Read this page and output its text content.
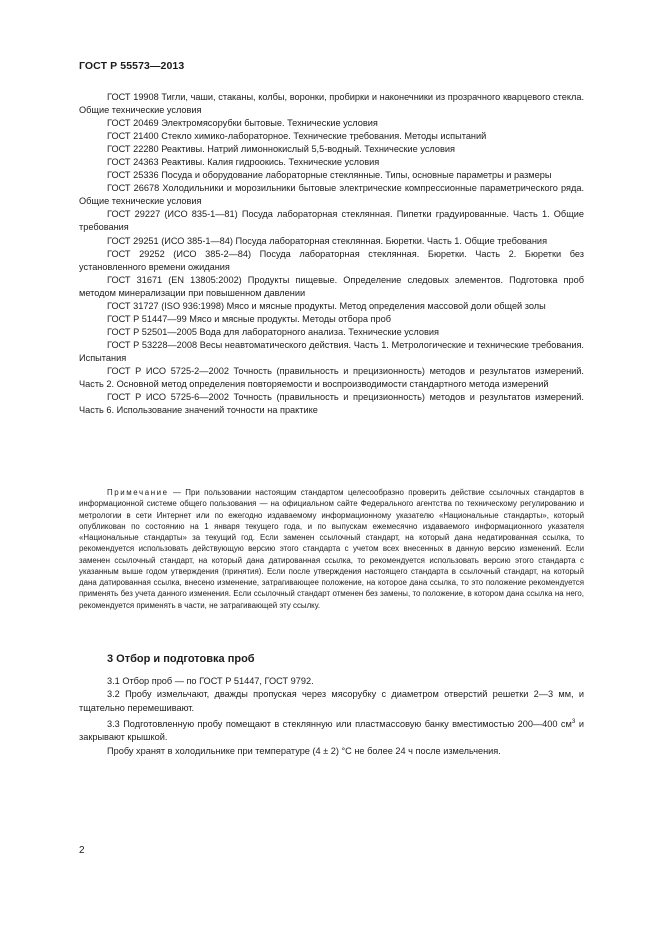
ГОСТ Р 55573—2013

ГОСТ 19908 Тигли, чаши, стаканы, колбы, воронки, пробирки и наконечники из прозрачного кварцевого стекла. Общие технические условия

ГОСТ 20469 Электромясорубки бытовые. Технические условия

ГОСТ 21400 Стекло химико-лабораторное. Технические требования. Методы испытаний

ГОСТ 22280 Реактивы. Натрий лимоннокислый 5,5-водный. Технические условия

ГОСТ 24363 Реактивы. Калия гидроокись. Технические условия

ГОСТ 25336 Посуда и оборудование лабораторные стеклянные. Типы, основные параметры и размеры

ГОСТ 26678 Холодильники и морозильники бытовые электрические компрессионные параметрического ряда. Общие технические условия

ГОСТ 29227 (ИСО 835-1—81) Посуда лабораторная стеклянная. Пипетки градуированные. Часть 1. Общие требования

ГОСТ 29251 (ИСО 385-1—84) Посуда лабораторная стеклянная. Бюретки. Часть 1. Общие требования

ГОСТ 29252 (ИСО 385-2—84) Посуда лабораторная стеклянная. Бюретки. Часть 2. Бюретки без установленного времени ожидания

ГОСТ 31671 (EN 13805:2002) Продукты пищевые. Определение следовых элементов. Подготовка проб методом минерализации при повышенном давлении

ГОСТ 31727 (ISO 936:1998) Мясо и мясные продукты. Метод определения массовой доли общей золы

ГОСТ Р 51447—99 Мясо и мясные продукты. Методы отбора проб

ГОСТ Р 52501—2005 Вода для лабораторного анализа. Технические условия

ГОСТ Р 53228—2008 Весы неавтоматического действия. Часть 1. Метрологические и технические требования. Испытания

ГОСТ Р ИСО 5725-2—2002 Точность (правильность и прецизионность) методов и результатов измерений. Часть 2. Основной метод определения повторяемости и воспроизводимости стандартного метода измерений

ГОСТ Р ИСО 5725-6—2002 Точность (правильность и прецизионность) методов и результатов измерений. Часть 6. Использование значений точности на практике

Примечание — При пользовании настоящим стандартом целесообразно проверить действие ссылочных стандартов в информационной системе общего пользования — на официальном сайте Федерального агентства по техническому регулированию и метрологии в сети Интернет или по ежегодно издаваемому информационному указателю «Национальные стандарты», который опубликован по состоянию на 1 января текущего года, и по выпускам ежемесячно издаваемого информационного указателя «Национальные стандарты» за текущий год. Если заменен ссылочный стандарт, на который дана недатированная ссылка, то рекомендуется использовать действующую версию этого стандарта с учетом всех внесенных в данную версию изменений. Если заменен ссылочный стандарт, на который дана датированная ссылка, то рекомендуется использовать версию этого стандарта с указанным выше годом утверждения (принятия). Если после утверждения настоящего стандарта в ссылочный стандарт, на который дана датированная ссылка, внесено изменение, затрагивающее положение, на которое дана ссылка, то это положение рекомендуется применять без учета данного изменения. Если ссылочный стандарт отменен без замены, то положение, в котором дана ссылка на него, рекомендуется применять в части, не затрагивающей эту ссылку.

3 Отбор и подготовка проб

3.1 Отбор проб — по ГОСТ Р 51447, ГОСТ 9792.

3.2 Пробу измельчают, дважды пропуская через мясорубку с диаметром отверстий решетки 2—3 мм, и тщательно перемешивают.

3.3 Подготовленную пробу помещают в стеклянную или пластмассовую банку вместимостью 200—400 $см^3$ и закрывают крышкой.

Пробу хранят в холодильнике при температуре (4 ± 2) °С не более 24 ч после измельчения.

2
